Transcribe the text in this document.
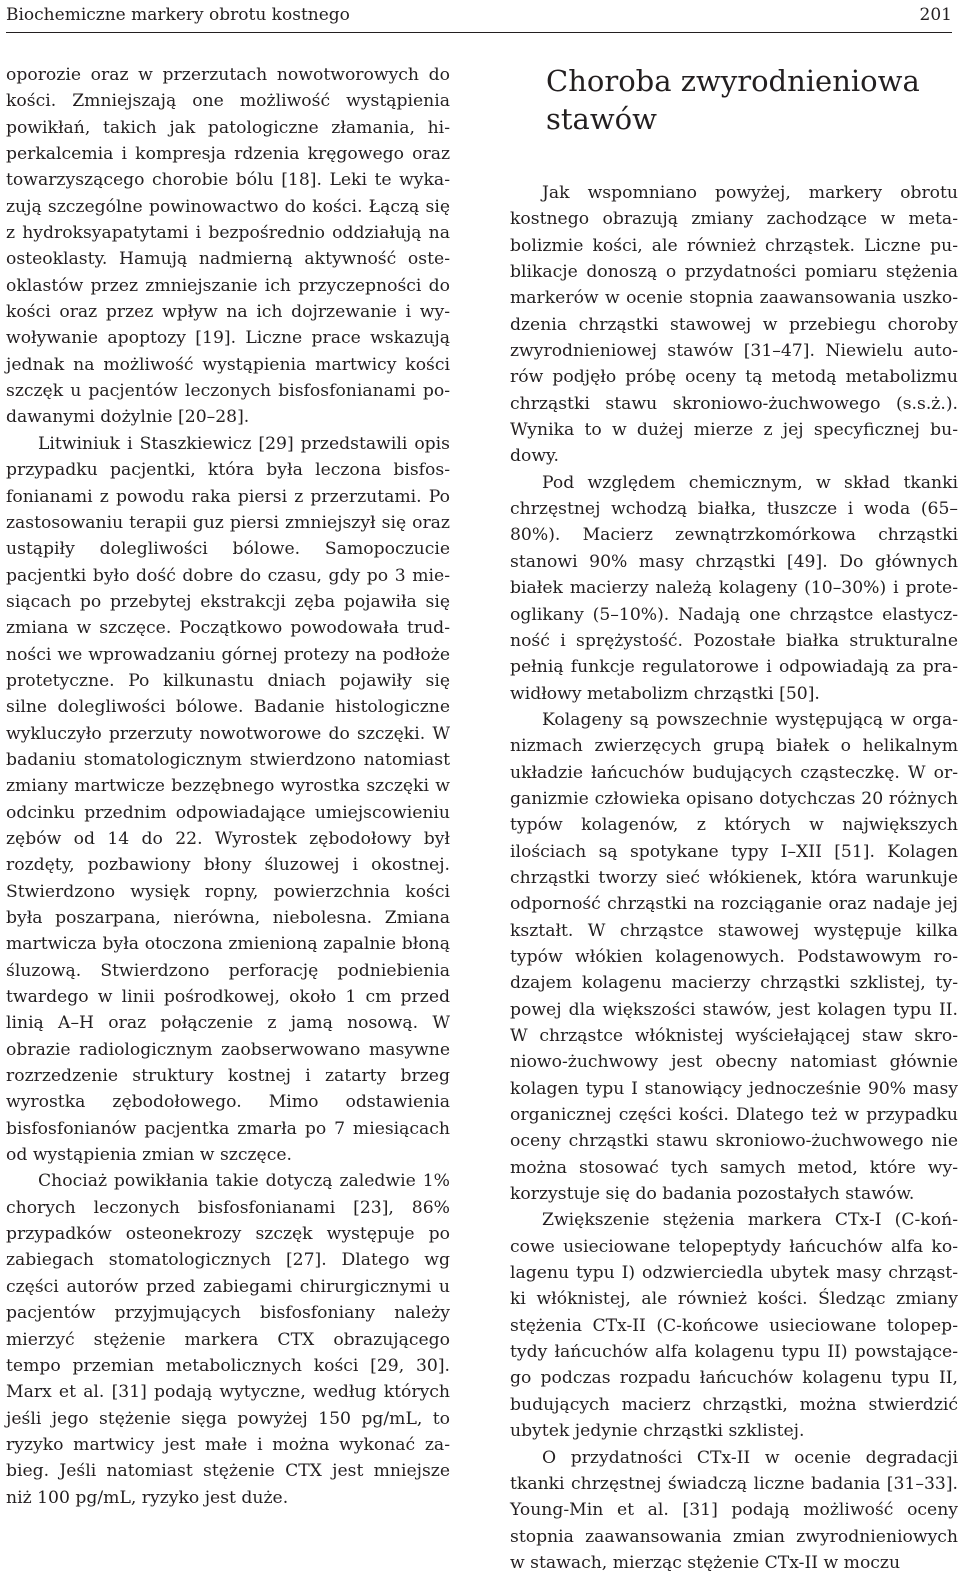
Biochemiczne markery obrotu kostnego	201

oporozie oraz w przerzutach nowotworowych do kości. Zmniejszają one możliwość wystąpienia powikłań, takich jak patologiczne złamania, hiperkalcemia i kompresja rdzenia kręgowego oraz towarzyszącego chorobie bólu [18]. Leki te wykazują szczególne powinowactwo do kości. Łączą się z hydroksyapatytami i bezpośrednio oddziałują na osteoklasty. Hamują nadmierną aktywność osteoklastów przez zmniejszanie ich przyczepności do kości oraz przez wpływ na ich dojrzewanie i wywoływanie apoptozy [19]. Liczne prace wskazują jednak na możliwość wystąpienia martwicy kości szczęk u pacjentów leczonych bisfosfonianami podawanymi dożylnie [20–28].

Litwiniuk i Staszkiewicz [29] przedstawili opis przypadku pacjentki, która była leczona bisfosfonianami z powodu raka piersi z przerzutami. Po zastosowaniu terapii guz piersi zmniejszył się oraz ustąpiły dolegliwości bólowe. Samopoczucie pacjentki było dość dobre do czasu, gdy po 3 miesiącach po przebytej ekstrakcji zęba pojawiła się zmiana w szczęce. Początkowo powodowała trudności we wprowadzaniu górnej protezy na podłoże protetyczne. Po kilkunastu dniach pojawiły się silne dolegliwości bólowe. Badanie histologiczne wykluczyło przerzuty nowotworowe do szczęki. W badaniu stomatologicznym stwierdzono natomiast zmiany martwicze bezzębnego wyrostka szczęki w odcinku przednim odpowiadające umiejscowieniu zębów od 14 do 22. Wyrostek zębodołowy był rozdęty, pozbawiony błony śluzowej i okostnej. Stwierdzono wysięk ropny, powierzchnia kości była poszarpana, nierówna, niebolesna. Zmiana martwicza była otoczona zmienioną zapalnie błoną śluzową. Stwierdzono perforację podniebienia twardego w linii pośrodkowej, około 1 cm przed linią A–H oraz połączenie z jamą nosową. W obrazie radiologicznym zaobserwowano masywne rozrzedzenie struktury kostnej i zatarty brzeg wyrostka zębodołowego. Mimo odstawienia bisfosfonianów pacjentka zmarła po 7 miesiącach od wystąpienia zmian w szczęce.

Chociaż powikłania takie dotyczą zaledwie 1% chorych leczonych bisfosfonianami [23], 86% przypadków osteonekrozy szczęk występuje po zabiegach stomatologicznych [27]. Dlatego wg części autorów przed zabiegami chirurgicznymi u pacjentów przyjmujących bisfosfoniany należy mierzyć stężenie markera CTX obrazującego tempo przemian metabolicznych kości [29, 30]. Marx et al. [31] podają wytyczne, według których jeśli jego stężenie sięga powyżej 150 pg/mL, to ryzyko martwicy jest małe i można wykonać zabieg. Jeśli natomiast stężenie CTX jest mniejsze niż 100 pg/mL, ryzyko jest duże.

Choroba zwyrodnieniowa stawów

Jak wspomniano powyżej, markery obrotu kostnego obrazują zmiany zachodzące w metabolizmie kości, ale również chrząstek. Liczne publikacje donoszą o przydatności pomiaru stężenia markerów w ocenie stopnia zaawansowania uszkodzenia chrząstki stawowej w przebiegu choroby zwyrodnieniowej stawów [31–47]. Niewielu autorów podjęło próbę oceny tą metodą metabolizmu chrząstki stawu skroniowo-żuchwowego (s.s.ż.). Wynika to w dużej mierze z jej specyficznej budowy.

Pod względem chemicznym, w skład tkanki chrzęstnej wchodzą białka, tłuszcze i woda (65–80%). Macierz zewnątrzkomórkowa chrząstki stanowi 90% masy chrząstki [49]. Do głównych białek macierzy należą kolageny (10–30%) i proteoglikany (5–10%). Nadają one chrząstce elastyczność i sprężystość. Pozostałe białka strukturalne pełnią funkcje regulatorowe i odpowiadają za prawidłowy metabolizm chrząstki [50].

Kolageny są powszechnie występującą w organizmach zwierzęcych grupą białek o helikalnym układzie łańcuchów budujących cząsteczkę. W organizmie człowieka opisano dotychczas 20 różnych typów kolagenów, z których w największych ilościach są spotykane typy I–XII [51]. Kolagen chrząstki tworzy sieć włókienek, która warunkuje odporność chrząstki na rozciąganie oraz nadaje jej kształt. W chrząstce stawowej występuje kilka typów włókien kolagenowych. Podstawowym rodzajem kolagenu macierzy chrząstki szklistej, typowej dla większości stawów, jest kolagen typu II. W chrząstce włóknistej wyściełającej staw skroniowo-żuchwowy jest obecny natomiast głównie kolagen typu I stanowiący jednocześnie 90% masy organicznej części kości. Dlatego też w przypadku oceny chrząstki stawu skroniowo-żuchwowego nie można stosować tych samych metod, które wykorzystuje się do badania pozostałych stawów.

Zwiększenie stężenia markera CTx-I (C-końcowe usieciowane telopeptydy łańcuchów alfa kolagenu typu I) odzwierciedla ubytek masy chrząstki włóknistej, ale również kości. Śledząc zmiany stężenia CTx-II (C-końcowe usieciowane tolopeptydy łańcuchów alfa kolagenu typu II) powstającego podczas rozpadu łańcuchów kolagenu typu II, budujących macierz chrząstki, można stwierdzić ubytek jedynie chrząstki szklistej.

O przydatności CTx-II w ocenie degradacji tkanki chrzęstnej świadczą liczne badania [31–33]. Young-Min et al. [31] podają możliwość oceny stopnia zaawansowania zmian zwyrodnieniowych w stawach, mierząc stężenie CTx-II w moczu
